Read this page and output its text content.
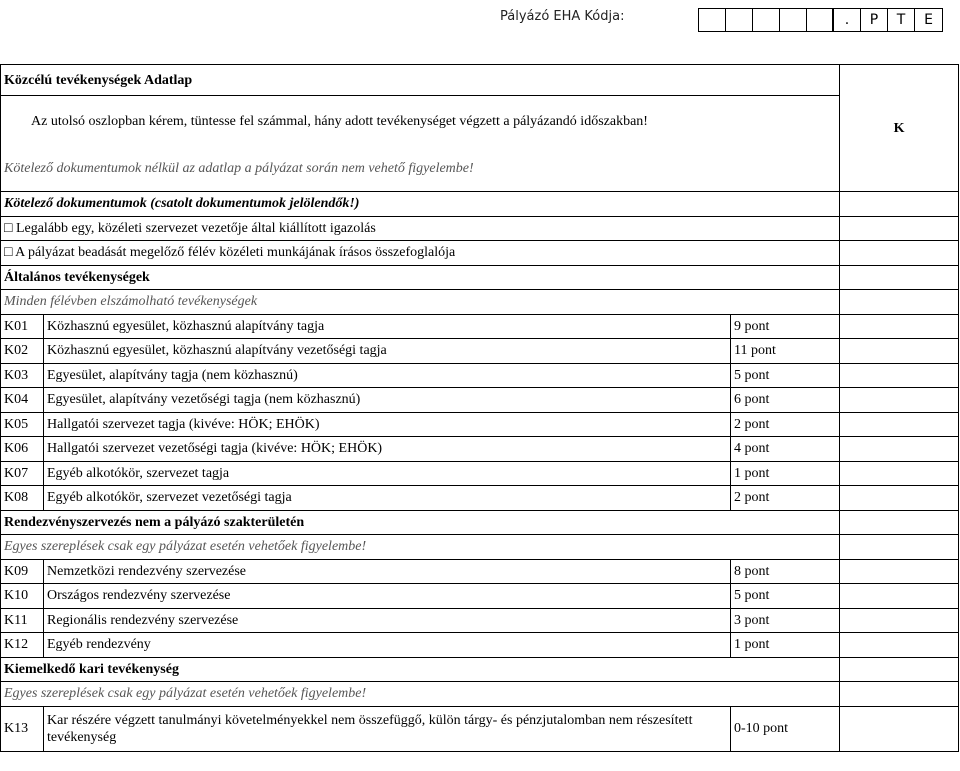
Pályázó EHA Kódja:	.	P	T	E
Közcélú tevékenységek Adatlap			K
Az utolsó oszlopban kérem, tüntesse fel számmal, hány adott tevékenységet végzett a pályázandó időszakban!			
Kötelező dokumentumok nélkül az adatlap a pályázat során nem vehető figyelembe!			
Kötelező dokumentumok (csatolt dokumentumok jelölendők!)			
□ Legalább egy, közéleti szervezet vezetője által kiállított igazolás			
□ A pályázat beadását megelőző félév közéleti munkájának írásos összefoglalója			
Általános tevékenységek			
Minden félévben elszámolható tevékenységek			
K01	Közhasznú egyesület, közhasznú alapítvány tagja	9 pont	
K02	Közhasznú egyesület, közhasznú alapítvány vezetőségi tagja	11 pont	
K03	Egyesület, alapítvány tagja (nem közhasznú)	5 pont	
K04	Egyesület, alapítvány vezetőségi tagja (nem közhasznú)	6 pont	
K05	Hallgatói szervezet tagja (kivéve: HÖK; EHÖK)	2 pont	
K06	Hallgatói szervezet vezetőségi tagja (kivéve: HÖK; EHÖK)	4 pont	
K07	Egyéb alkotókör, szervezet tagja	1 pont	
K08	Egyéb alkotókör, szervezet vezetőségi tagja	2 pont	
Rendezvényszervezés nem a pályázó szakterületén			
Egyes szereplések csak egy pályázat esetén vehetőek figyelembe!			
K09	Nemzetközi rendezvény szervezése	8 pont	
K10	Országos rendezvény szervezése	5 pont	
K11	Regionális rendezvény szervezése	3 pont	
K12	Egyéb rendezvény	1 pont	
Kiemelkedő kari tevékenység			
Egyes szereplések csak egy pályázat esetén vehetőek figyelembe!			
K13	Kar részére végzett tanulmányi követelményekkel nem összefüggő, külön tárgy- és pénzjutalomban nem részesített tevékenység	0-10 pont	
